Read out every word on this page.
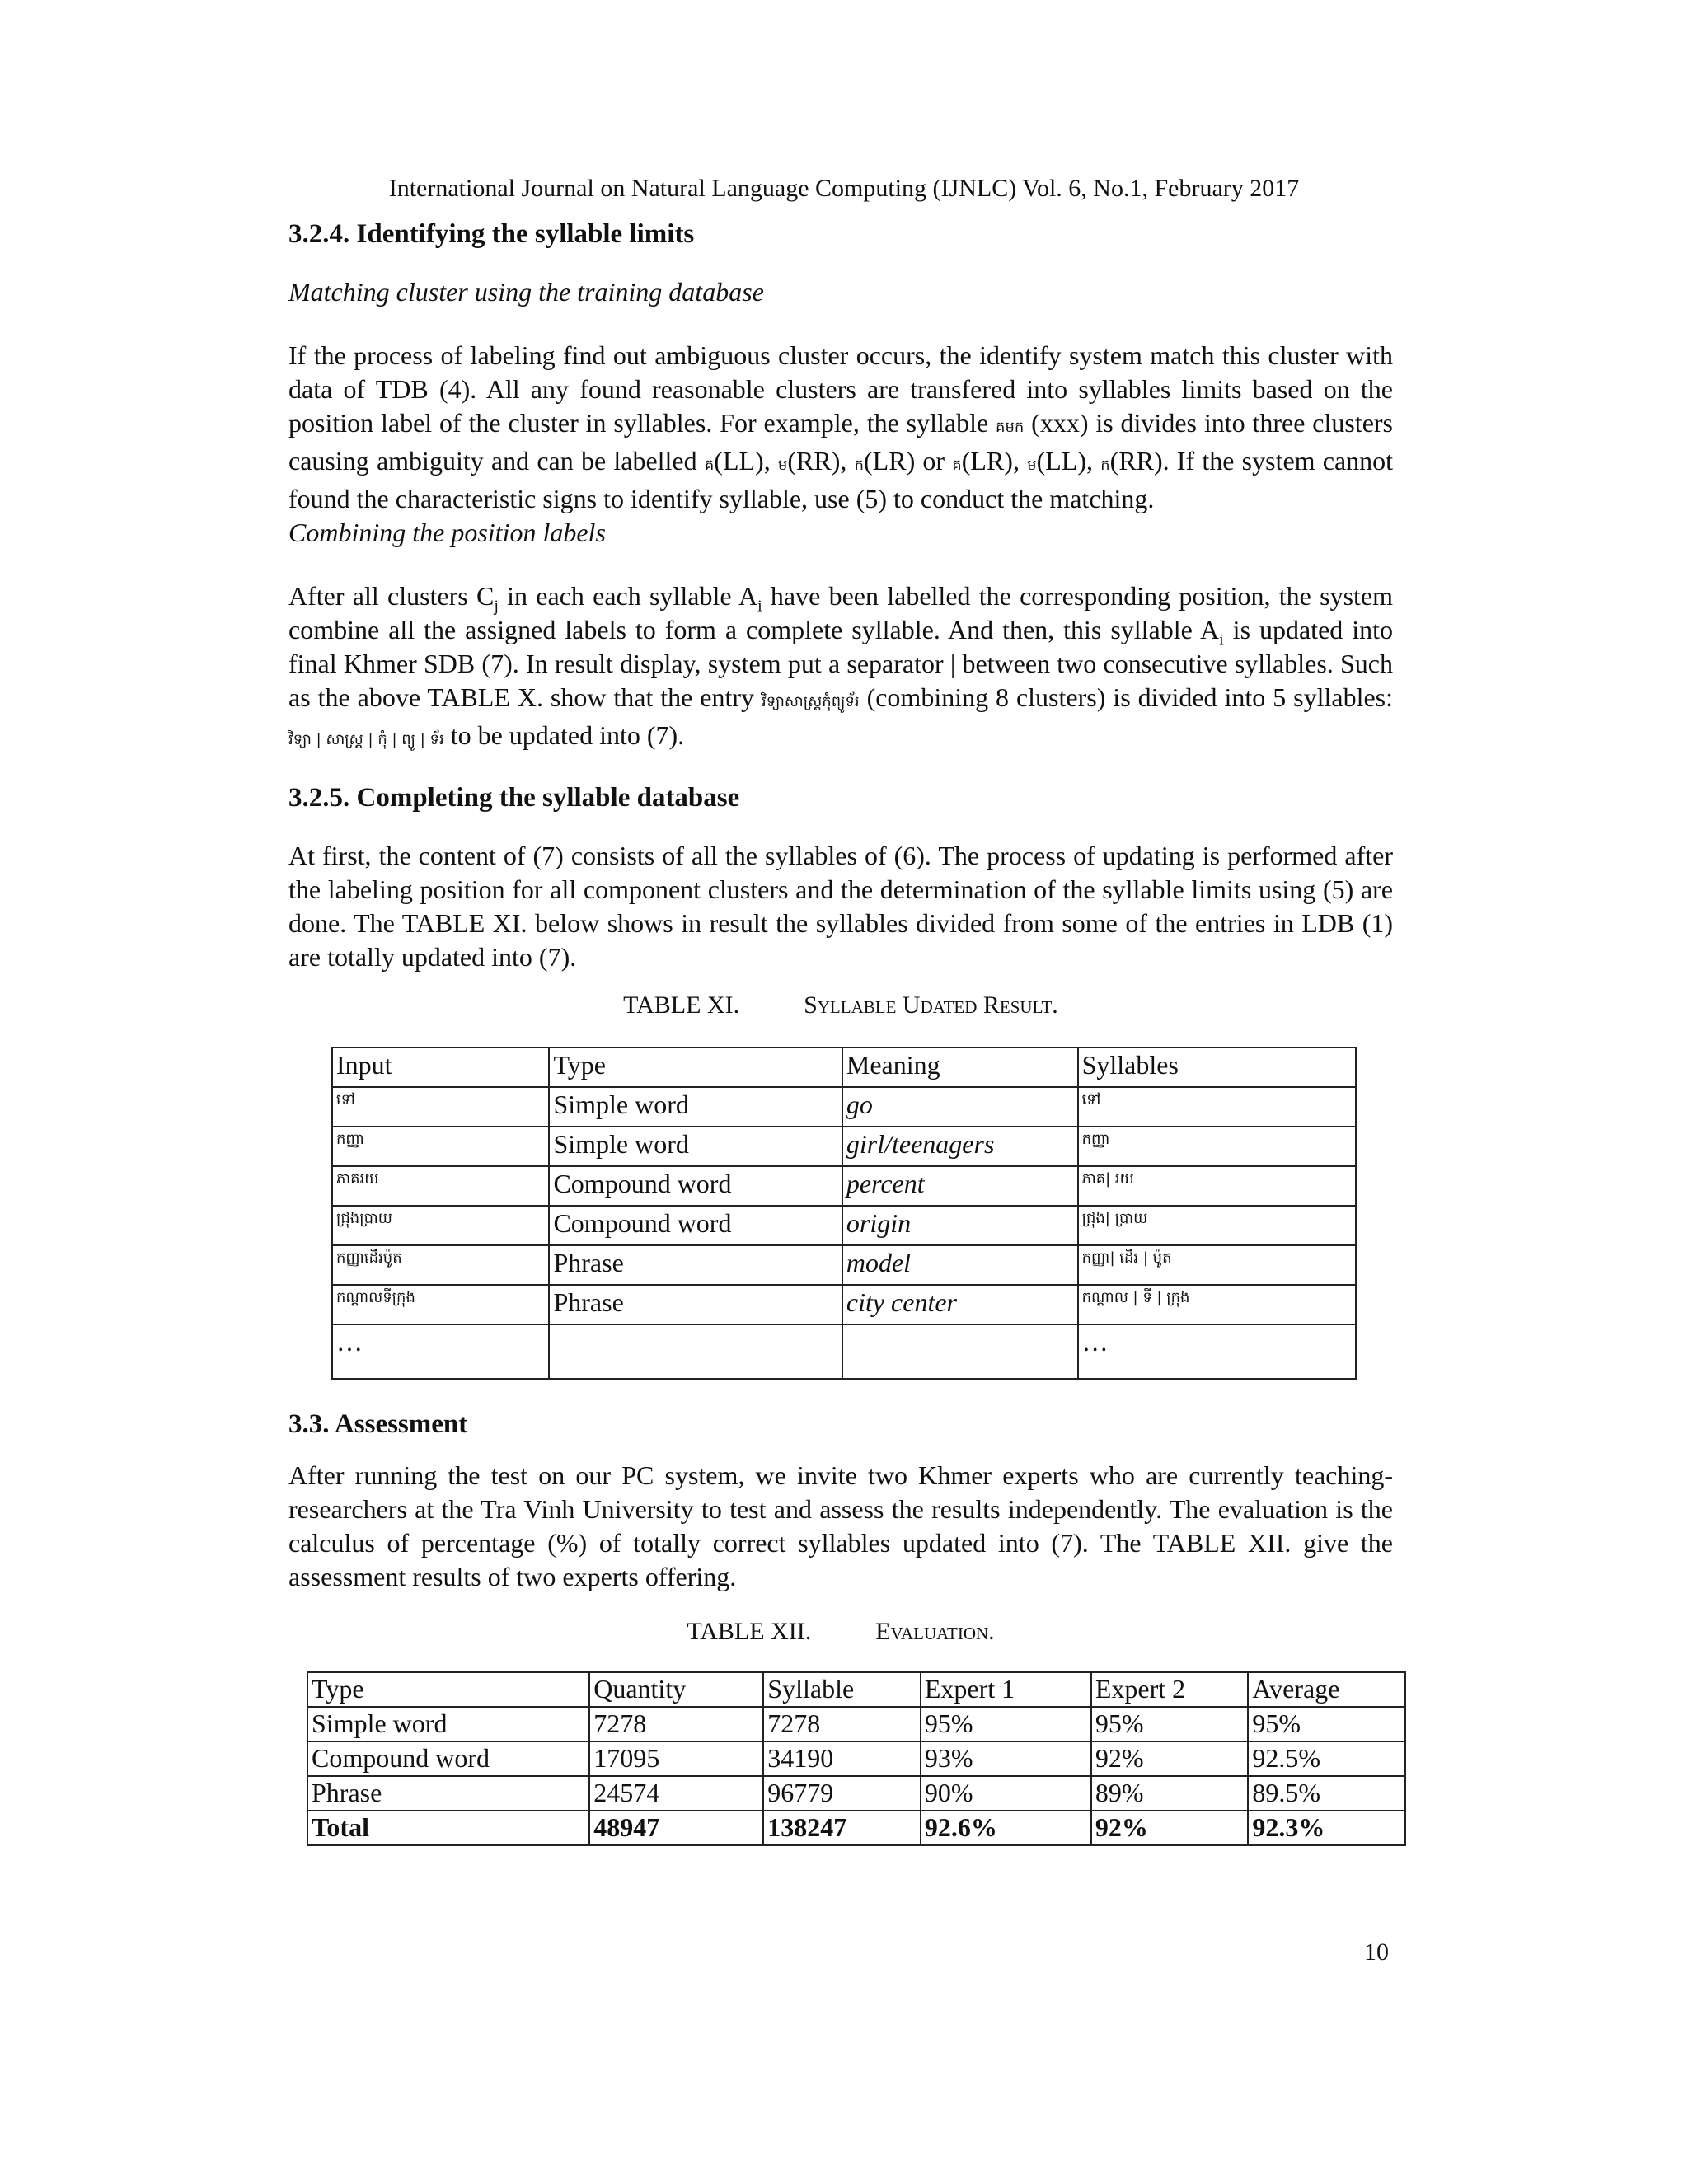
International Journal on Natural Language Computing (IJNLC) Vol. 6, No.1, February 2017
3.2.4. Identifying the syllable limits

Matching cluster using the training database

If the process of labeling find out ambiguous cluster occurs, the identify system match this cluster with data of TDB (4). All any found reasonable clusters are transfered into syllables limits based on the position label of the cluster in syllables. For example, the syllable គមក (xxx) is divides into three clusters causing ambiguity and can be labelled គ(LL), ម(RR), ក(LR) or គ(LR), ម(LL), ក(RR). If the system cannot found the characteristic signs to identify syllable, use (5) to conduct the matching.

Combining the position labels

After all clusters $C_j$ in each each syllable $A_i$ have been labelled the corresponding position, the system combine all the assigned labels to form a complete syllable. And then, this syllable $A_i$ is updated into final Khmer SDB (7). In result display, system put a separator | between two consecutive syllables. Such as the above TABLE X. show that the entry វិទ្យាសាស្ត្រកុំព្យូទ័រ (combining 8 clusters) is divided into 5 syllables: វិទ្យា | សាស្ត្រ | កុំ | ព្យូ | ទ័រ to be updated into (7).

3.2.5. Completing the syllable database

At first, the content of (7) consists of all the syllables of (6). The process of updating is performed after the labeling position for all component clusters and the determination of the syllable limits using (5) are done. The TABLE XI. below shows in result the syllables divided from some of the entries in LDB (1) are totally updated into (7).

TABLE XI.	Syllable Udated Result.
Input	Type	Meaning	Syllables
ទៅ	Simple word	go	ទៅ
កញ្ញា	Simple word	girl/teenagers	កញ្ញា
ភាគរយ	Compound word	percent	ភាគ| រយ
ជ្រុងប្រាយ	Compound word	origin	ជ្រុង| ប្រាយ
កញ្ញាដើរម៉ូត	Phrase	model	កញ្ញា| ដើរ | ម៉ូត
កណ្តាលទីក្រុង	Phrase	city center	កណ្តាល | ទី | ក្រុង
…			…
3.3. Assessment

After running the test on our PC system, we invite two Khmer experts who are currently teaching-researchers at the Tra Vinh University to test and assess the results independently. The evaluation is the calculus of percentage (%) of totally correct syllables updated into (7). The TABLE XII. give the assessment results of two experts offering.

TABLE XII.	Evaluation.
Type	Quantity	Syllable	Expert 1	Expert 2	Average
Simple word	7278	7278	95%	95%	95%
Compound word	17095	34190	93%	92%	92.5%
Phrase	24574	96779	90%	89%	89.5%
Total	48947	138247	92.6%	92%	92.3%
10
